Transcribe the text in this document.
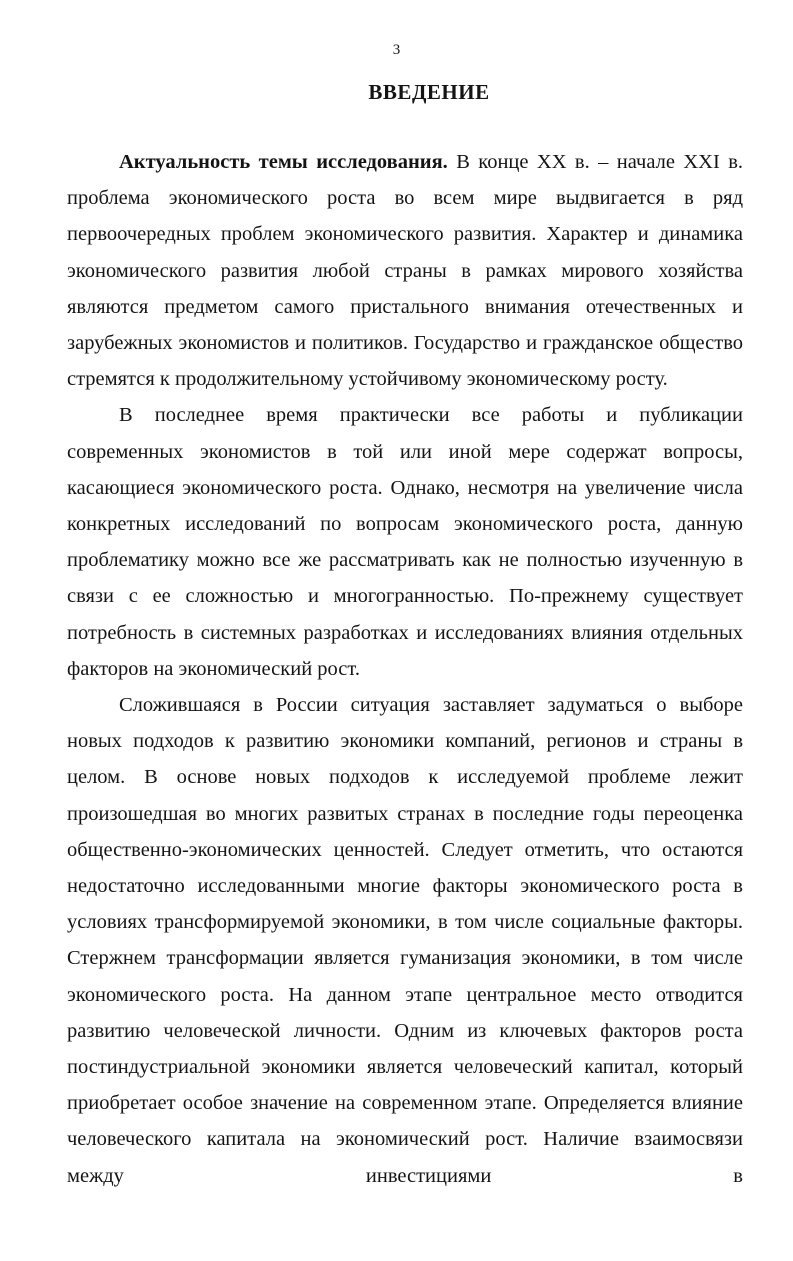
3
ВВЕДЕНИЕ

Актуальность темы исследования. В конце XX в. – начале XXI в. проблема экономического роста во всем мире выдвигается в ряд первоочередных проблем экономического развития. Характер и динамика экономического развития любой страны в рамках мирового хозяйства являются предметом самого пристального внимания отечественных и зарубежных экономистов и политиков. Государство и гражданское общество стремятся к продолжительному устойчивому экономическому росту.

В последнее время практически все работы и публикации современных экономистов в той или иной мере содержат вопросы, касающиеся экономического роста. Однако, несмотря на увеличение числа конкретных исследований по вопросам экономического роста, данную проблематику можно все же рассматривать как не полностью изученную в связи с ее сложностью и многогранностью. По-прежнему существует потребность в системных разработках и исследованиях влияния отдельных факторов на экономический рост.

Сложившаяся в России ситуация заставляет задуматься о выборе новых подходов к развитию экономики компаний, регионов и страны в целом. В основе новых подходов к исследуемой проблеме лежит произошедшая во многих развитых странах в последние годы переоценка общественно-экономических ценностей. Следует отметить, что остаются недостаточно исследованными многие факторы экономического роста в условиях трансформируемой экономики, в том числе социальные факторы. Стержнем трансформации является гуманизация экономики, в том числе экономического роста. На данном этапе центральное место отводится развитию человеческой личности. Одним из ключевых факторов роста постиндустриальной экономики является человеческий капитал, который приобретает особое значение на современном этапе. Определяется влияние человеческого капитала на экономический рост. Наличие взаимосвязи между инвестициями в
